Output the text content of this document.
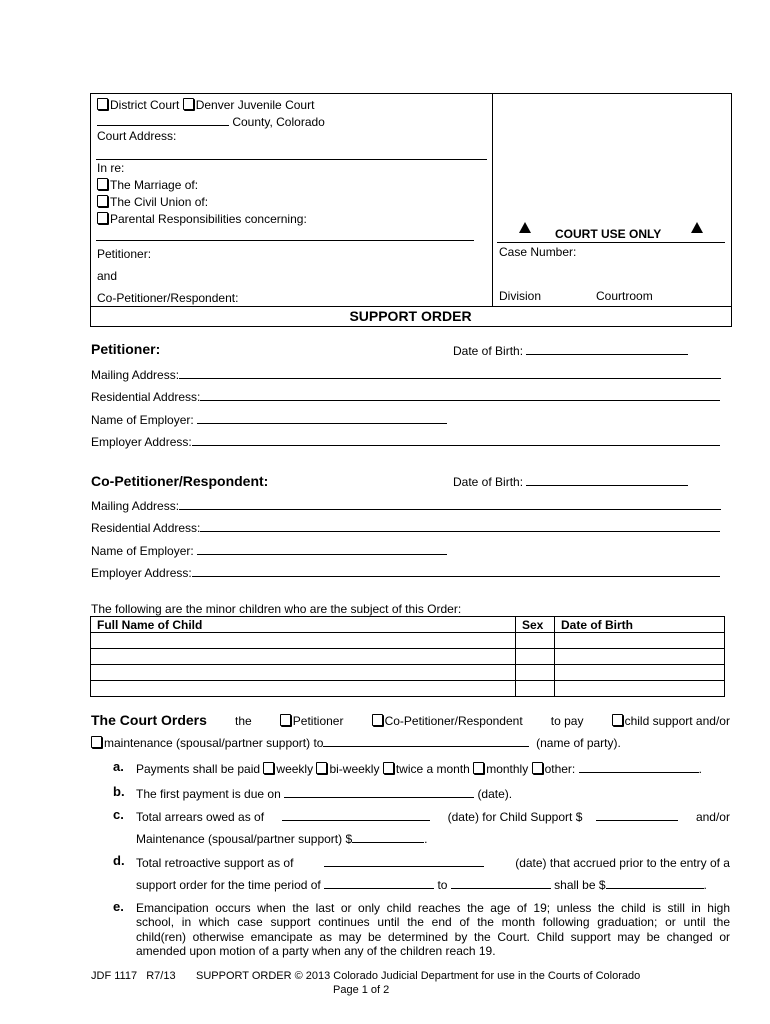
District Court Denver Juvenile Court
County, Colorado
Court Address:
In re:
The Marriage of:
The Civil Union of:
Parental Responsibilities concerning:
Petitioner:
and
Co-Petitioner/Respondent:
COURT USE ONLY
Case Number:
Division	Courtroom
SUPPORT ORDER
Petitioner:	Date of Birth:
Mailing Address:
Residential Address:
Name of Employer:
Employer Address:
Co-Petitioner/Respondent:	Date of Birth:
Mailing Address:
Residential Address:
Name of Employer:
Employer Address:
The following are the minor children who are the subject of this Order:
Full Name of Child	Sex	Date of Birth

The Court Orders the	Petitioner	Co-Petitioner/Respondent to pay	child support and/or
maintenance (spousal/partner support) to	(name of party).
a. Payments shall be paid weekly bi-weekly twice a month monthly other:	.
b. The first payment is due on	(date).
c. Total arrears owed as of	(date) for Child Support $	and/or
Maintenance (spousal/partner support) $	.
d. Total retroactive support as of	(date) that accrued prior to the entry of a
support order for the time period of	to	shall be $	.
e. Emancipation occurs when the last or only child reaches the age of 19; unless the child is still in high
school, in which case support continues until the end of the month following graduation; or until the
child(ren) otherwise emancipate as may be determined by the Court. Child support may be changed or
amended upon motion of a party when any of the children reach 19.
JDF 1117   R7/13 SUPPORT ORDER © 2013 Colorado Judicial Department for use in the Courts of Colorado
Page 1 of 2
